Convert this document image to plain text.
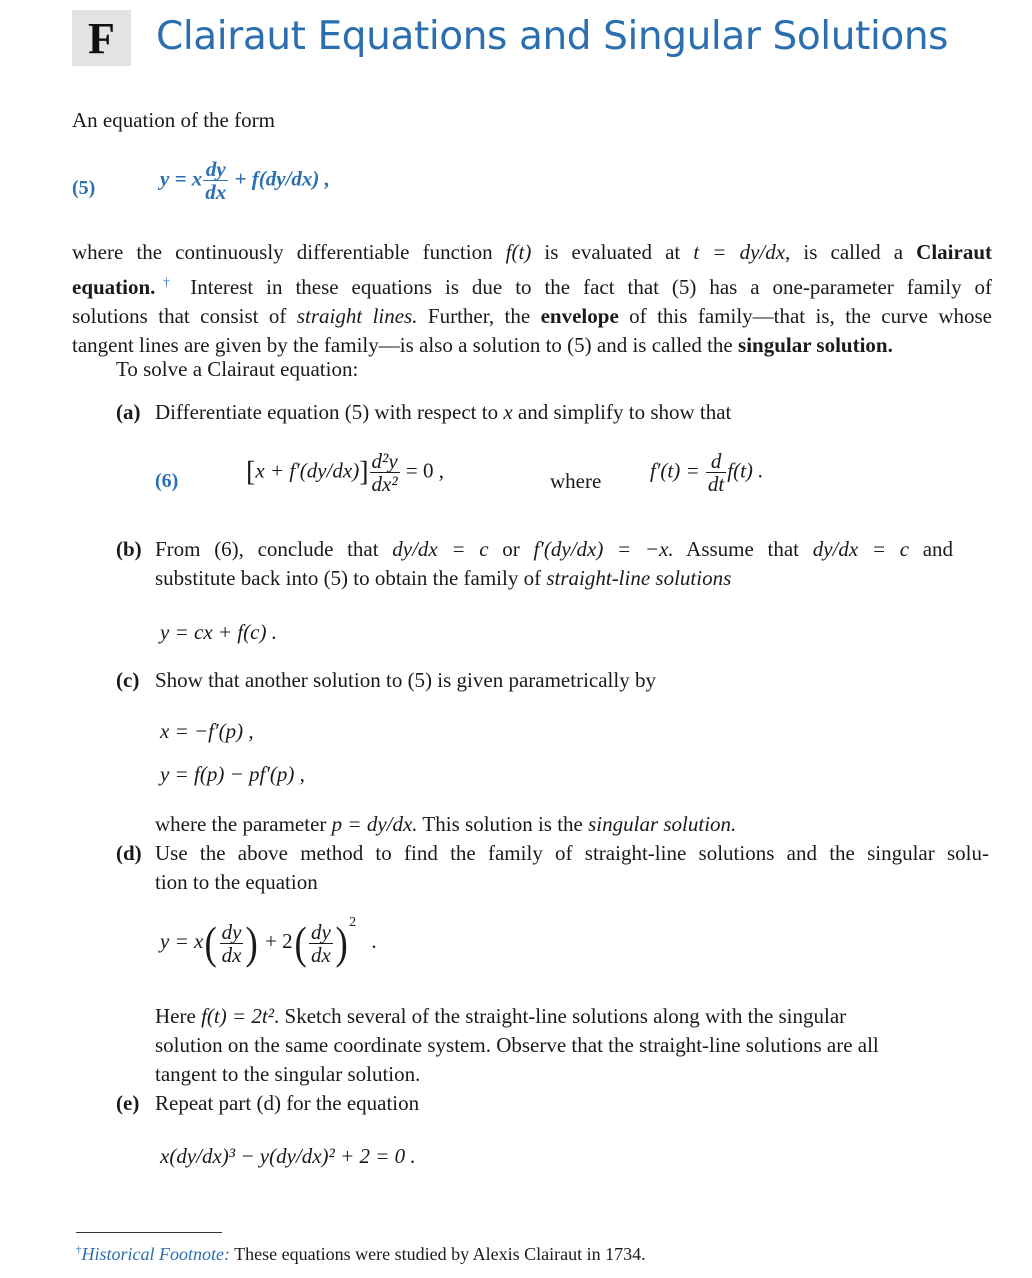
F	Clairaut Equations and Singular Solutions
An equation of the form
(5)	y = x $\frac{dy}{dx} + f(dy/dx)$ ,
where the continuously differentiable function f(t) is evaluated at t = dy/dx, is called a Clairaut
equation.† Interest in these equations is due to the fact that (5) has a one-parameter family of
solutions that consist of straight lines. Further, the envelope of this family—that is, the curve whose
tangent lines are given by the family—is also a solution to (5) and is called the singular solution.
To solve a Clairaut equation:
(a) Differentiate equation (5) with respect to x and simplify to show that
(6) $[x + f'(dy/dx)] \frac{\text{d²y}}{\text{dx²}} = 0$ ,	where $f'(t) = \frac{d}{dt} f(t)$ .
(b) From (6), conclude that dy/dx = c or f′(dy/dx) = −x. Assume that dy/dx = c and
substitute back into (5) to obtain the family of straight-line solutions
y = cx + f(c) .
(c) Show that another solution to (5) is given parametrically by
x = −f′(p) ,
y = f(p) − pf′(p) ,
where the parameter p = dy/dx. This solution is the singular solution.
(d) Use the above method to find the family of straight-line solutions and the singular solu-
tion to the equation
$y = x( \frac{dy}{dx}$ ) + $2( \frac{dy}{dx}$ ) $^2$ .
Here f(t) = 2t². Sketch several of the straight-line solutions along with the singular
solution on the same coordinate system. Observe that the straight-line solutions are all
tangent to the singular solution.
(e) Repeat part (d) for the equation
x(dy/dx)³ − y(dy/dx)² + 2 = 0 .
†Historical Footnote: These equations were studied by Alexis Clairaut in 1734.
